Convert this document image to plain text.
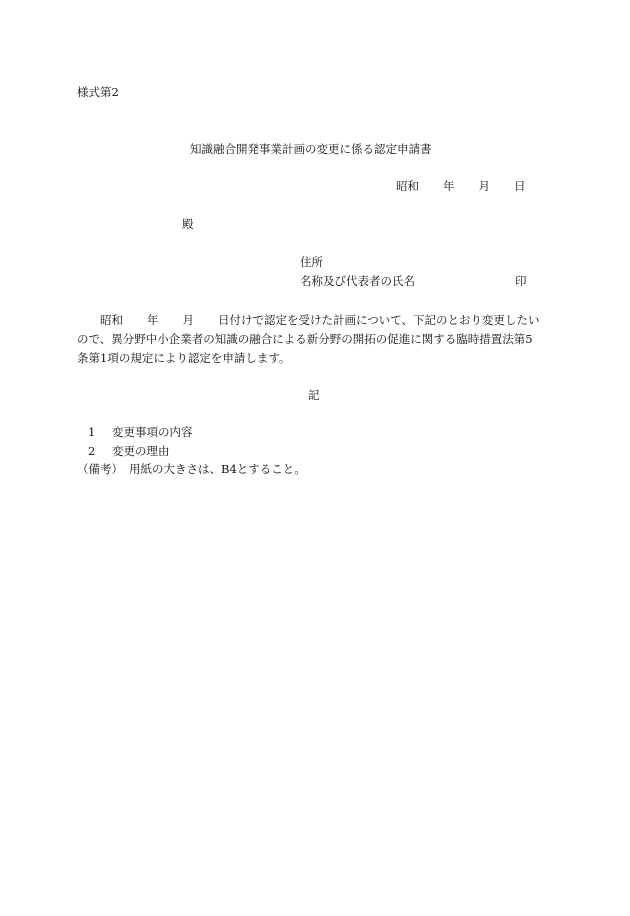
様式第2
知識融合開発事業計画の変更に係る認定申請書
昭和 年 月 日
殿
住所
名称及び代表者の氏名	印
昭和 年 月 日付けで認定を受けた計画について、下記のとおり変更したい
ので、異分野中小企業者の知識の融合による新分野の開拓の促進に関する臨時措置法第5
条第1項の規定により認定を申請します。
記
1 変更事項の内容
2 変更の理由
（備考） 用紙の大きさは、B4とすること。
